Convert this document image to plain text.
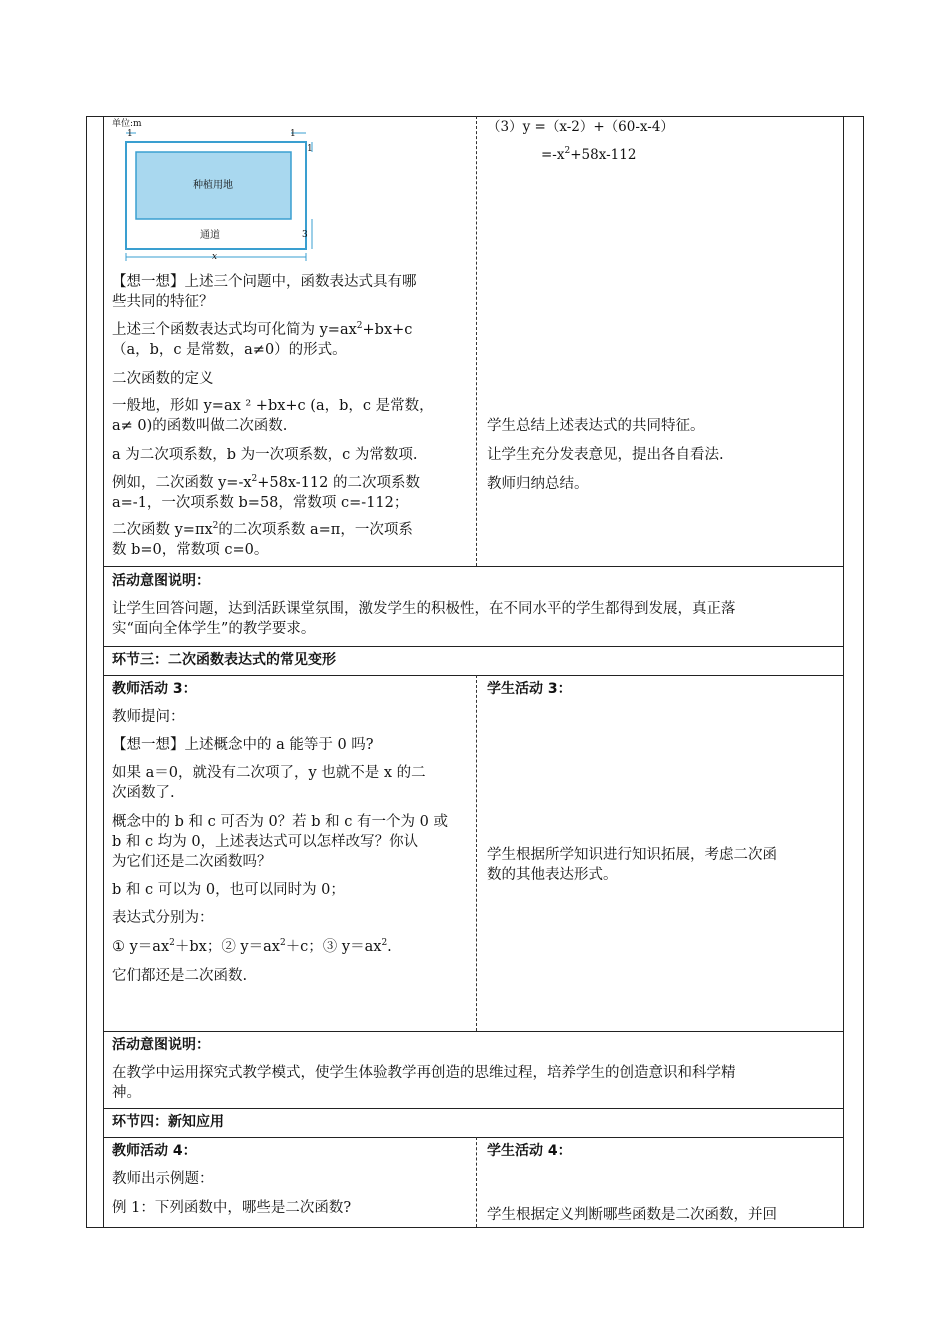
单位:m
1	1
1
3
x
种植用地
通道
【想一想】上述三个问题中，函数表达式具有哪
些共同的特征？
上述三个函数表达式均可化简为 $y=ax^2+bx+c$
（a，b，c 是常数，a≠0）的形式。
二次函数的定义
一般地，形如 y=ax ² +bx+c (a，b，c 是常数，
a≠ 0)的函数叫做二次函数.
a 为二次项系数，b 为一次项系数，c 为常数项.
例如，二次函数 $y=-x^2+58x-112$ 的二次项系数
a=-1，一次项系数 b=58，常数项 c=-112；
二次函数 $y=\pi x^2$的二次项系数 a=π，一次项系
数 b=0，常数项 c=0。
（3）y =（x-2）+（60-x-4）
$=-x^2+58x-112$
学生总结上述表达式的共同特征。
让学生充分发表意见，提出各自看法.
教师归纳总结。
活动意图说明：
让学生回答问题，达到活跃课堂氛围，激发学生的积极性，在不同水平的学生都得到发展，真正落
实“面向全体学生”的教学要求。
环节三：二次函数表达式的常见变形
教师活动 3：
教师提问：
【想一想】上述概念中的 a 能等于 0 吗?
如果 a＝0，就没有二次项了，y 也就不是 x 的二
次函数了.
概念中的 b 和 c 可否为 0？若 b 和 c 有一个为 0 或
b 和 c 均为 0，上述表达式可以怎样改写？你认
为它们还是二次函数吗？
b 和 c 可以为 0，也可以同时为 0；
表达式分别为：
① $y=ax^2+bx$；② $y=ax^2+c$；③ $y=ax^2$.
它们都还是二次函数.
学生活动 3：
学生根据所学知识进行知识拓展，考虑二次函
数的其他表达形式。
活动意图说明：
在教学中运用探究式教学模式，使学生体验教学再创造的思维过程，培养学生的创造意识和科学精
神。
环节四：新知应用
教师活动 4：
教师出示例题：
例 1：下列函数中，哪些是二次函数?
学生活动 4：
学生根据定义判断哪些函数是二次函数，并回
